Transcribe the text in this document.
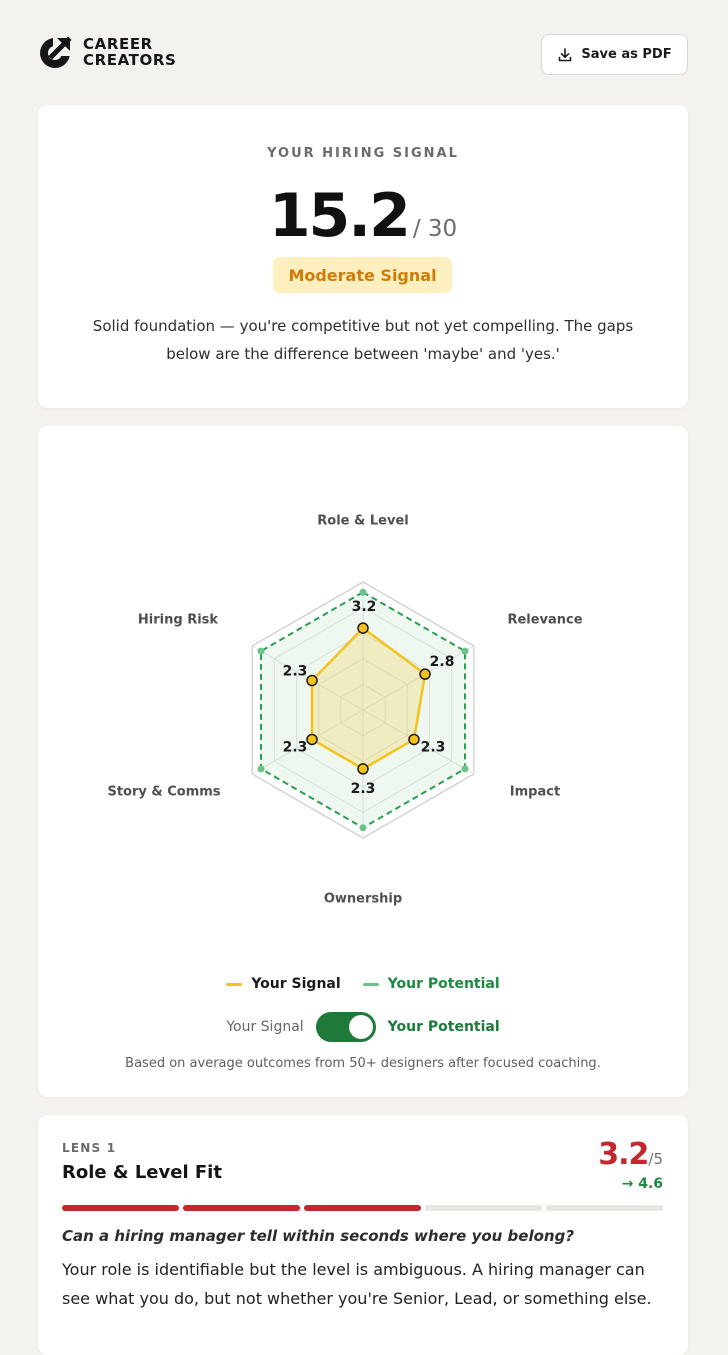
CAREER
CREATORS	Save as PDF
YOUR HIRING SIGNAL
15.2 / 30
Moderate Signal
Solid foundation — you're competitive but not yet compelling. The gaps below are the difference between 'maybe' and 'yes.'
3.2
2.8
2.3
2.3
2.3
2.3
Role & Level
Relevance
Impact
Ownership
Story & Comms
Hiring Risk
Your Signal	Your Potential
Your Signal	Your Potential
Based on average outcomes from 50+ designers after focused coaching.
LENS 1
Role & Level Fit
3.2/5
→ 4.6
Can a hiring manager tell within seconds where you belong?
Your role is identifiable but the level is ambiguous. A hiring manager can see what you do, but not whether you're Senior, Lead, or something else.
